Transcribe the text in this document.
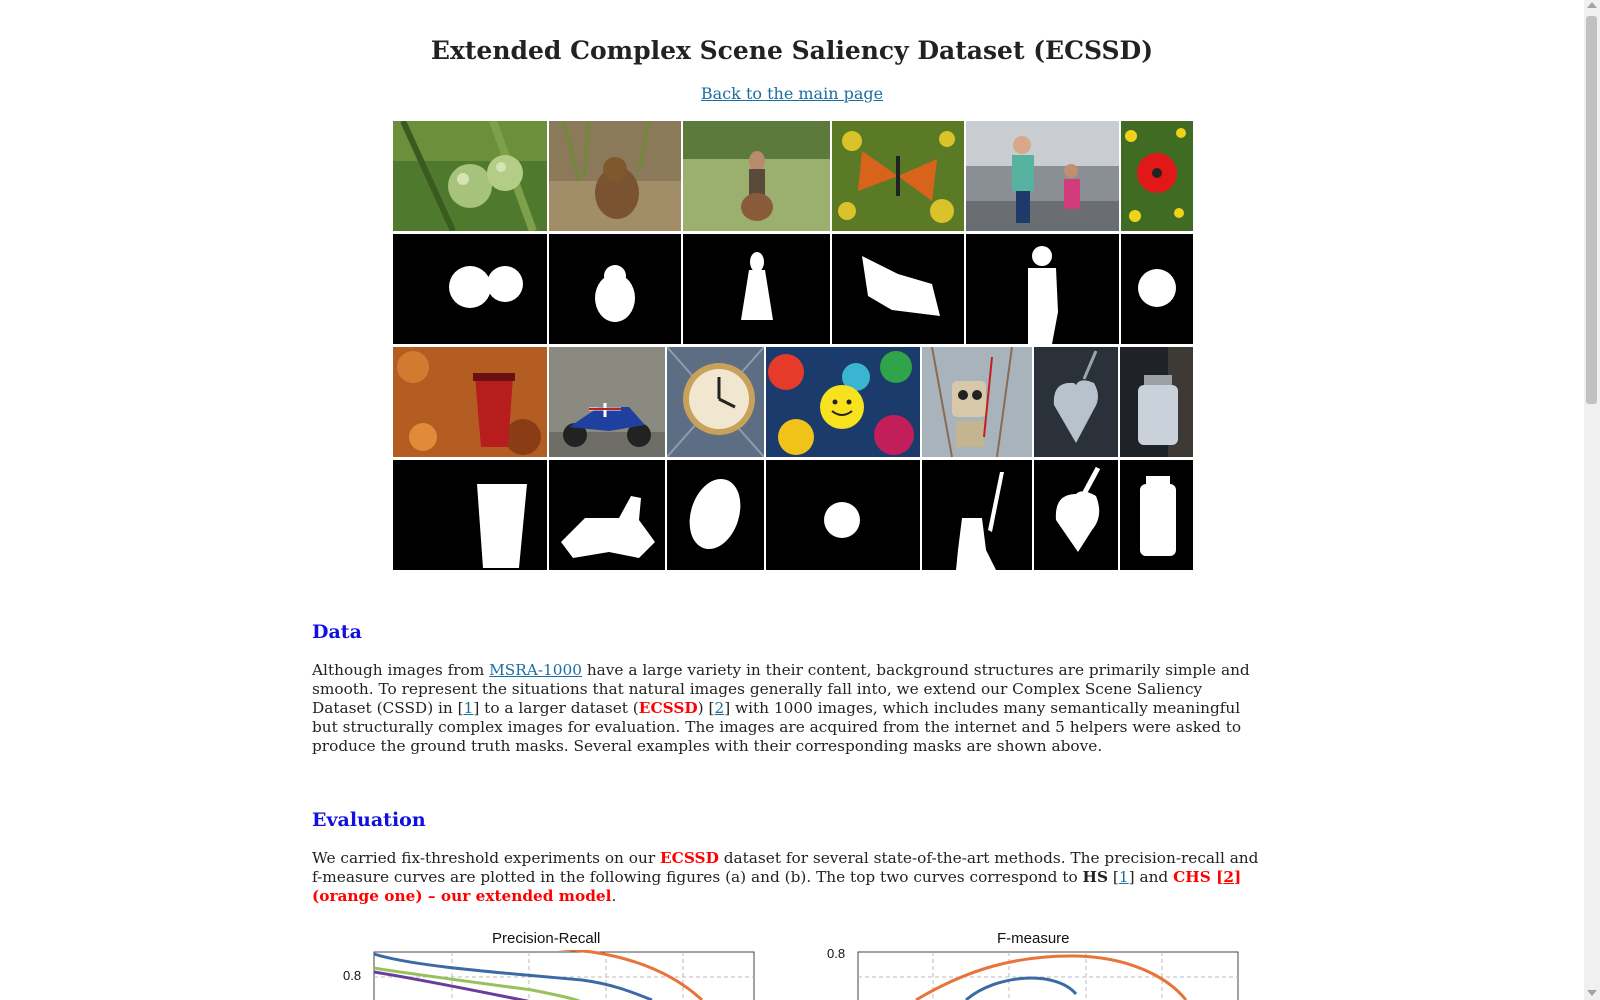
Extended Complex Scene Saliency Dataset (ECSSD)
Back to the main page
Data
Although images from MSRA-1000 have a large variety in their content, background structures are primarily simple and smooth. To represent the situations that natural images generally fall into, we extend our Complex Scene Saliency Dataset (CSSD) in [1] to a larger dataset (ECSSD) [2] with 1000 images, which includes many semantically meaningful but structurally complex images for evaluation. The images are acquired from the internet and 5 helpers were asked to produce the ground truth masks. Several examples with their corresponding masks are shown above.
Evaluation
We carried fix-threshold experiments on our ECSSD dataset for several state-of-the-art methods. The precision-recall and f-measure curves are plotted in the following figures (a) and (b). The top two curves correspond to HS [1] and CHS [2] (orange one) – our extended model.
Precision-Recall
0.8
F-measure
0.8
